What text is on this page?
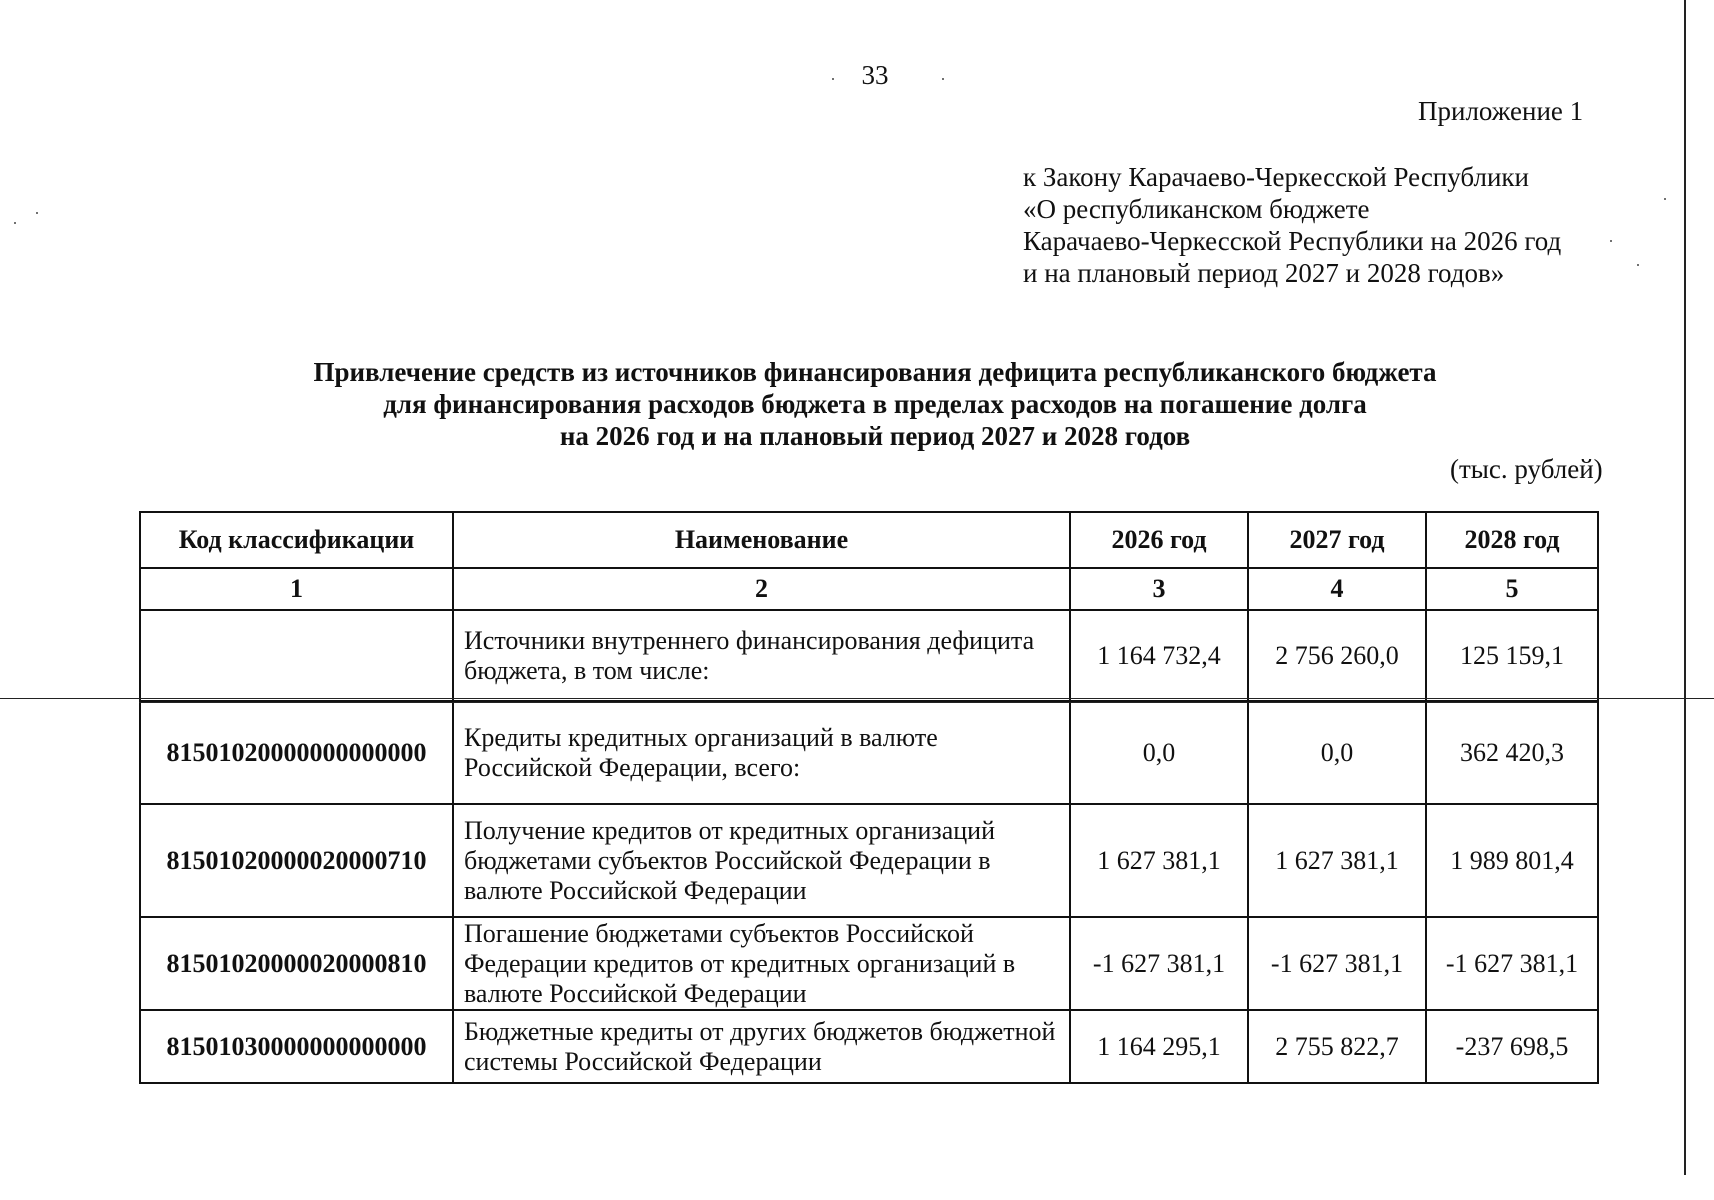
33
Приложение 1
к Закону Карачаево-Черкесской Республики
«О республиканском бюджете
Карачаево-Черкесской Республики на 2026 год
и на плановый период 2027 и 2028 годов»
Привлечение средств из источников финансирования дефицита республиканского бюджета
для финансирования расходов бюджета в пределах расходов на погашение долга
на 2026 год и на плановый период 2027 и 2028 годов
(тыс. рублей)
Код классификации	Наименование	2026 год	2027 год	2028 год
1	2	3	4	5
	Источники внутреннего финансирования дефицита бюджета, в том числе:	1 164 732,4	2 756 260,0	125 159,1
81501020000000000000	Кредиты кредитных организаций в валюте Российской Федерации, всего:	0,0	0,0	362 420,3
81501020000020000710	Получение кредитов от кредитных организаций бюджетами субъектов Российской Федерации в валюте Российской Федерации	1 627 381,1	1 627 381,1	1 989 801,4
81501020000020000810	Погашение бюджетами субъектов Российской Федерации кредитов от кредитных организаций в валюте Российской Федерации	-1 627 381,1	-1 627 381,1	-1 627 381,1
81501030000000000000	Бюджетные кредиты от других бюджетов бюджетной системы Российской Федерации	1 164 295,1	2 755 822,7	-237 698,5
